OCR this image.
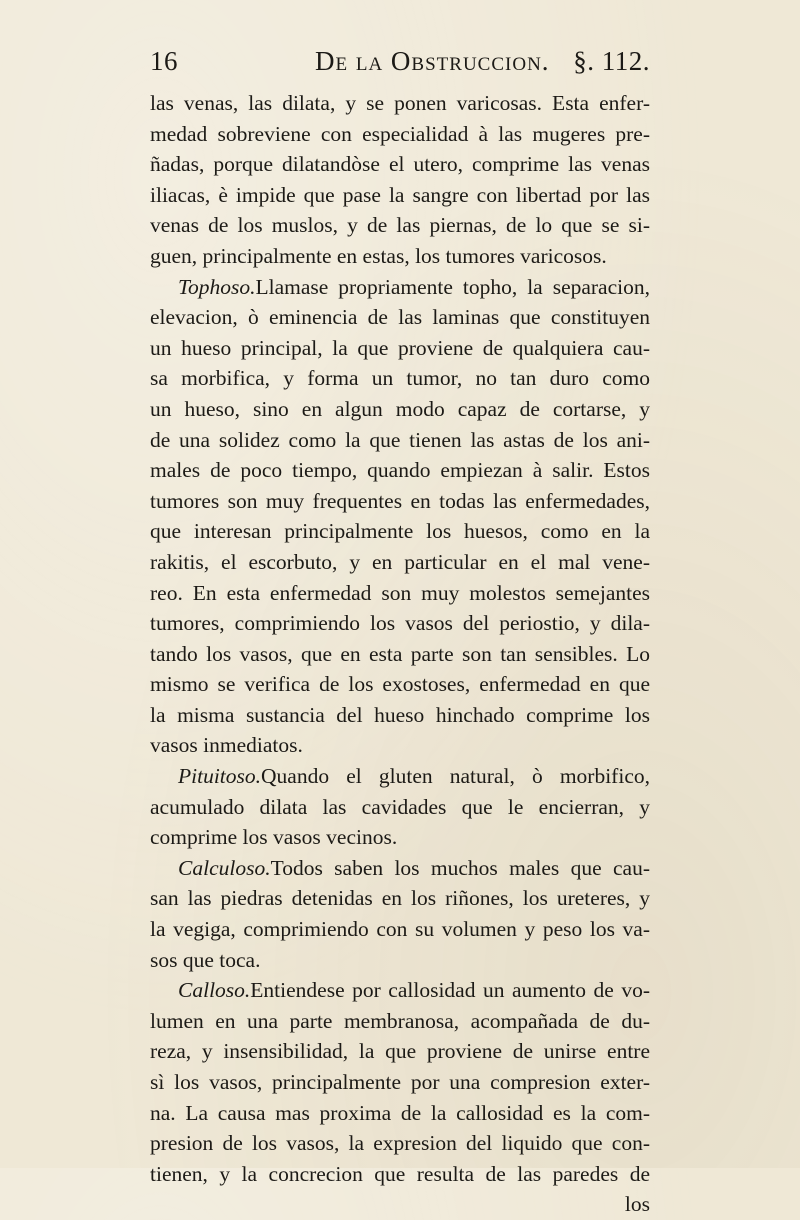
16	De la Obstruccion. §. 112.
las venas, las dilata, y se ponen varicosas. Esta enfer-
medad sobreviene con especialidad à las mugeres pre-
ñadas, porque dilatandòse el utero, comprime las venas
iliacas, è impide que pase la sangre con libertad por las
venas de los muslos, y de las piernas, de lo que se si-
guen, principalmente en estas, los tumores varicosos.
Tophoso.Llamase propriamente topho, la separacion,
elevacion, ò eminencia de las laminas que constituyen
un hueso principal, la que proviene de qualquiera cau-
sa morbifica, y forma un tumor, no tan duro como
un hueso, sino en algun modo capaz de cortarse, y
de una solidez como la que tienen las astas de los ani-
males de poco tiempo, quando empiezan à salir. Estos
tumores son muy frequentes en todas las enfermedades,
que interesan principalmente los huesos, como en la
rakitis, el escorbuto, y en particular en el mal vene-
reo. En esta enfermedad son muy molestos semejantes
tumores, comprimiendo los vasos del periostio, y dila-
tando los vasos, que en esta parte son tan sensibles. Lo
mismo se verifica de los exostoses, enfermedad en que
la misma sustancia del hueso hinchado comprime los
vasos inmediatos.
Pituitoso.Quando el gluten natural, ò morbifico,
acumulado dilata las cavidades que le encierran, y
comprime los vasos vecinos.
Calculoso.Todos saben los muchos males que cau-
san las piedras detenidas en los riñones, los ureteres, y
la vegiga, comprimiendo con su volumen y peso los va-
sos que toca.
Calloso.Entiendese por callosidad un aumento de vo-
lumen en una parte membranosa, acompañada de du-
reza, y insensibilidad, la que proviene de unirse entre
sì los vasos, principalmente por una compresion exter-
na. La causa mas proxima de la callosidad es la com-
presion de los vasos, la expresion del liquido que con-
tienen, y la concrecion que resulta de las paredes de
los
